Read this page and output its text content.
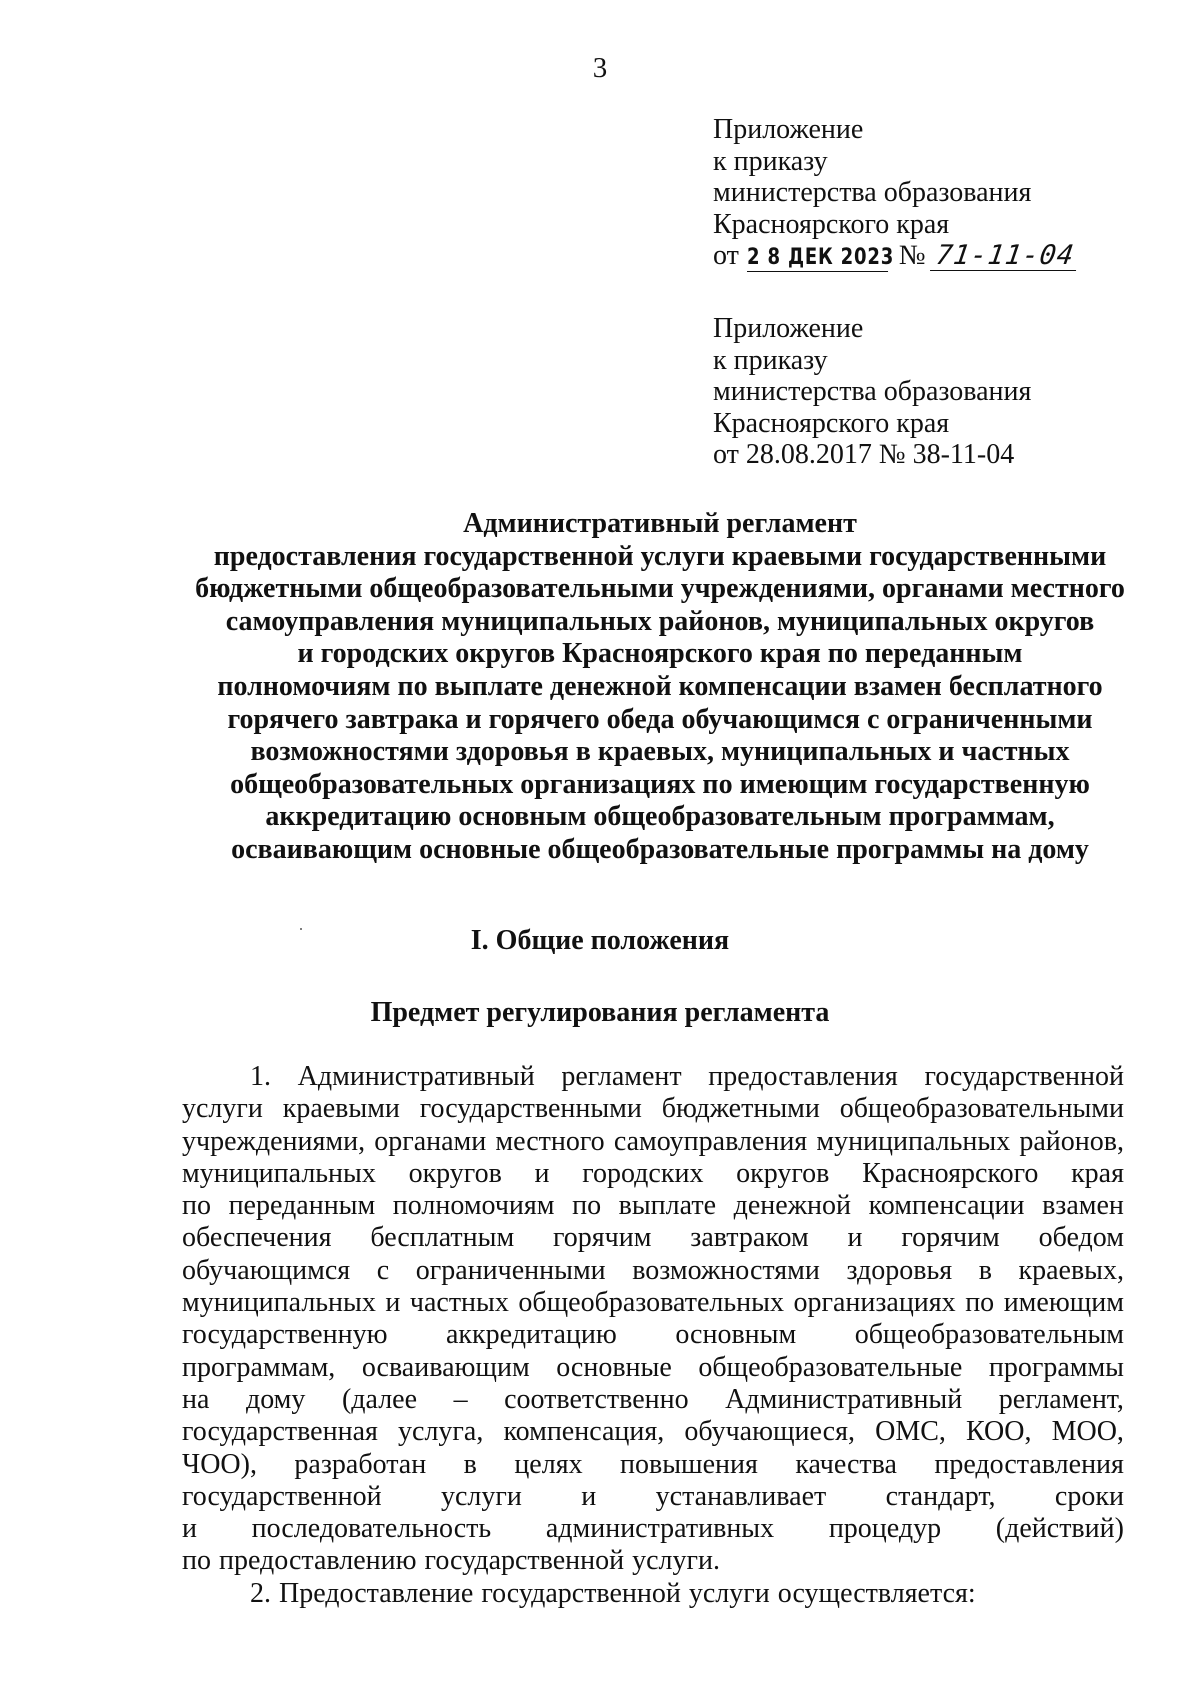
3
Приложение
к приказу
министерства образования
Красноярского края
от 2 8 ДЕК 2023 № 71-11-04
Приложение
к приказу
министерства образования
Красноярского края
от 28.08.2017 № 38-11-04
Административный регламент
предоставления государственной услуги краевыми государственными
бюджетными общеобразовательными учреждениями, органами местного
самоуправления муниципальных районов, муниципальных округов
и городских округов Красноярского края по переданным
полномочиям по выплате денежной компенсации взамен бесплатного
горячего завтрака и горячего обеда обучающимся с ограниченными
возможностями здоровья в краевых, муниципальных и частных
общеобразовательных организациях по имеющим государственную
аккредитацию основным общеобразовательным программам,
осваивающим основные общеобразовательные программы на дому
I. Общие положения
Предмет регулирования регламента
1. Административный регламент предоставления государственной
услуги краевыми государственными бюджетными общеобразовательными
учреждениями, органами местного самоуправления муниципальных районов,
муниципальных округов и городских округов Красноярского края
по переданным полномочиям по выплате денежной компенсации взамен
обеспечения бесплатным горячим завтраком и горячим обедом
обучающимся с ограниченными возможностями здоровья в краевых,
муниципальных и частных общеобразовательных организациях по имеющим
государственную аккредитацию основным общеобразовательным
программам, осваивающим основные общеобразовательные программы
на дому (далее – соответственно Административный регламент,
государственная услуга, компенсация, обучающиеся, ОМС, КОО, МОО,
ЧОО), разработан в целях повышения качества предоставления
государственной услуги и устанавливает стандарт, сроки
и последовательность административных процедур (действий)
по предоставлению государственной услуги.
2. Предоставление государственной услуги осуществляется:
